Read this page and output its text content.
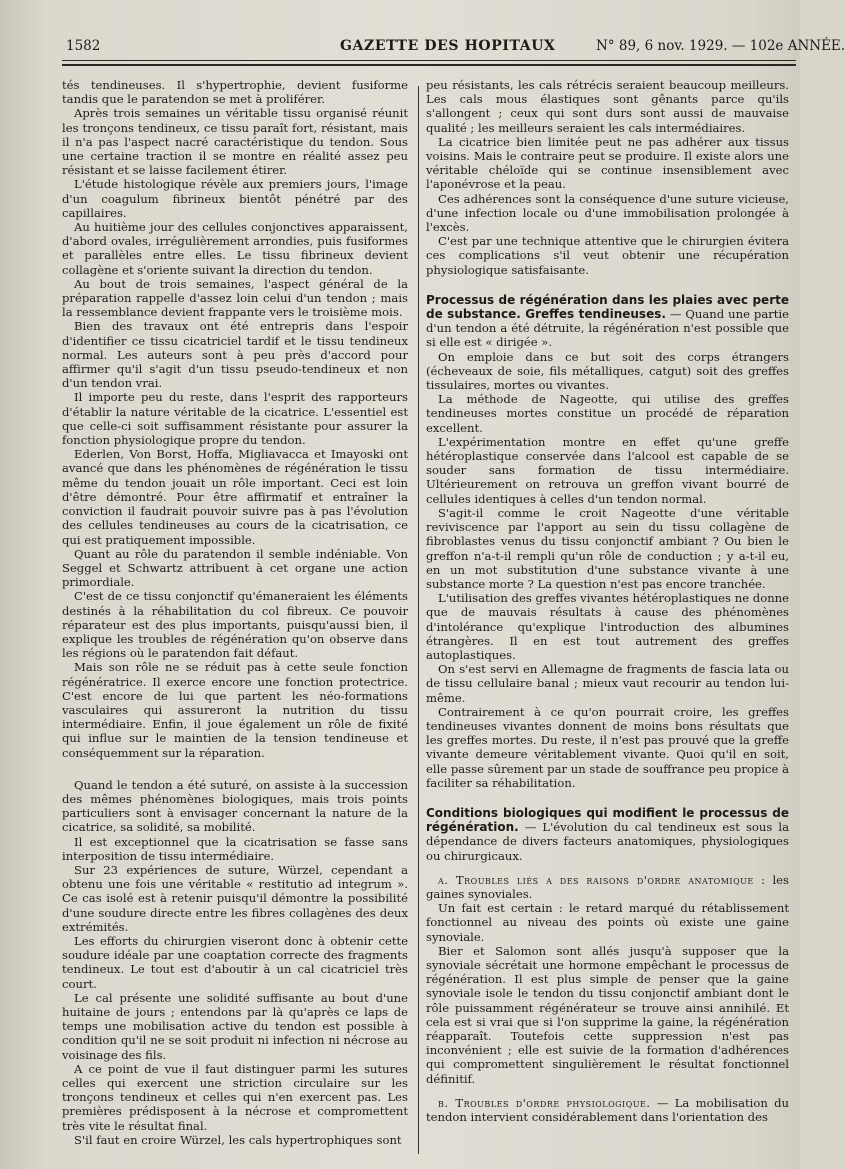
1582	GAZETTE DES HOPITAUX	N° 89, 6 nov. 1929. — 102e ANNÉE.

tés tendineuses. Il s'hypertrophie, devient fusiforme tandis que le paratendon se met à proliférer.

Après trois semaines un véritable tissu organisé réunit les tronçons tendineux, ce tissu paraît fort, résistant, mais il n'a pas l'aspect nacré caractéristique du tendon. Sous une certaine traction il se montre en réalité assez peu résistant et se laisse facilement étirer.

L'étude histologique révèle aux premiers jours, l'image d'un coagulum fibrineux bientôt pénétré par des capillaires.

Au huitième jour des cellules conjonctives apparaissent, d'abord ovales, irrégulièrement arrondies, puis fusiformes et parallèles entre elles. Le tissu fibrineux devient collagène et s'oriente suivant la direction du tendon.

Au bout de trois semaines, l'aspect général de la préparation rappelle d'assez loin celui d'un tendon ; mais la ressemblance devient frappante vers le troisième mois.

Bien des travaux ont été entrepris dans l'espoir d'identifier ce tissu cicatriciel tardif et le tissu tendineux normal. Les auteurs sont à peu près d'accord pour affirmer qu'il s'agit d'un tissu pseudo-tendineux et non d'un tendon vrai.

Il importe peu du reste, dans l'esprit des rapporteurs d'établir la nature véritable de la cicatrice. L'essentiel est que celle-ci soit suffisamment résistante pour assurer la fonction physiologique propre du tendon.

Ederlen, Von Borst, Hoffa, Migliavacca et Imayoski ont avancé que dans les phénomènes de régénération le tissu même du tendon jouait un rôle important. Ceci est loin d'être démontré. Pour être affirmatif et entraîner la conviction il faudrait pouvoir suivre pas à pas l'évolution des cellules tendineuses au cours de la cicatrisation, ce qui est pratiquement impossible.

Quant au rôle du paratendon il semble indéniable. Von Seggel et Schwartz attribuent à cet organe une action primordiale.

C'est de ce tissu conjonctif qu'émaneraient les éléments destinés à la réhabilitation du col fibreux. Ce pouvoir réparateur est des plus importants, puisqu'aussi bien, il explique les troubles de régénération qu'on observe dans les régions où le paratendon fait défaut.

Mais son rôle ne se réduit pas à cette seule fonction régénératrice. Il exerce encore une fonction protectrice. C'est encore de lui que partent les néo-formations vasculaires qui assureront la nutrition du tissu intermédiaire. Enfin, il joue également un rôle de fixité qui influe sur le maintien de la tension tendineuse et conséquemment sur la réparation.

Quand le tendon a été suturé, on assiste à la succession des mêmes phénomènes biologiques, mais trois points particuliers sont à envisager concernant la nature de la cicatrice, sa solidité, sa mobilité.

Il est exceptionnel que la cicatrisation se fasse sans interposition de tissu intermédiaire.

Sur 23 expériences de suture, Würzel, cependant a obtenu une fois une véritable « restitutio ad integrum ». Ce cas isolé est à retenir puisqu'il démontre la possibilité d'une soudure directe entre les fibres collagènes des deux extrémités.

Les efforts du chirurgien viseront donc à obtenir cette soudure idéale par une coaptation correcte des fragments tendineux. Le tout est d'aboutir à un cal cicatriciel très court.

Le cal présente une solidité suffisante au bout d'une huitaine de jours ; entendons par là qu'après ce laps de temps une mobilisation active du tendon est possible à condition qu'il ne se soit produit ni infection ni nécrose au voisinage des fils.

A ce point de vue il faut distinguer parmi les sutures celles qui exercent une striction circulaire sur les tronçons tendineux et celles qui n'en exercent pas. Les premières prédisposent à la nécrose et compromettent très vite le résultat final.

S'il faut en croire Würzel, les cals hypertrophiques sont

peu résistants, les cals rétrécis seraient beaucoup meilleurs. Les cals mous élastiques sont gênants parce qu'ils s'allongent ; ceux qui sont durs sont aussi de mauvaise qualité ; les meilleurs seraient les cals intermédiaires.

La cicatrice bien limitée peut ne pas adhérer aux tissus voisins. Mais le contraire peut se produire. Il existe alors une véritable chéloïde qui se continue insensiblement avec l'aponévrose et la peau.

Ces adhérences sont la conséquence d'une suture vicieuse, d'une infection locale ou d'une immobilisation prolongée à l'excès.

C'est par une technique attentive que le chirurgien évitera ces complications s'il veut obtenir une récupération physiologique satisfaisante.

Processus de régénération dans les plaies avec perte de substance. Greffes tendineuses. — Quand une partie d'un tendon a été détruite, la régénération n'est possible que si elle est « dirigée ».

On emploie dans ce but soit des corps étrangers (écheveaux de soie, fils métalliques, catgut) soit des greffes tissulaires, mortes ou vivantes.

La méthode de Nageotte, qui utilise des greffes tendineuses mortes constitue un procédé de réparation excellent.

L'expérimentation montre en effet qu'une greffe hétéroplastique conservée dans l'alcool est capable de se souder sans formation de tissu intermédiaire. Ultérieurement on retrouva un greffon vivant bourré de cellules identiques à celles d'un tendon normal.

S'agit-il comme le croit Nageotte d'une véritable reviviscence par l'apport au sein du tissu collagène de fibroblastes venus du tissu conjonctif ambiant ? Ou bien le greffon n'a-t-il rempli qu'un rôle de conduction ; y a-t-il eu, en un mot substitution d'une substance vivante à une substance morte ? La question n'est pas encore tranchée.

L'utilisation des greffes vivantes hétéroplastiques ne donne que de mauvais résultats à cause des phénomènes d'intolérance qu'explique l'introduction des albumines étrangères. Il en est tout autrement des greffes autoplastiques.

On s'est servi en Allemagne de fragments de fascia lata ou de tissu cellulaire banal ; mieux vaut recourir au tendon lui-même.

Contrairement à ce qu'on pourrait croire, les greffes tendineuses vivantes donnent de moins bons résultats que les greffes mortes. Du reste, il n'est pas prouvé que la greffe vivante demeure véritablement vivante. Quoi qu'il en soit, elle passe sûrement par un stade de souffrance peu propice à faciliter sa réhabilitation.

Conditions biologiques qui modifient le processus de régénération. — L'évolution du cal tendineux est sous la dépendance de divers facteurs anatomiques, physiologiques ou chirurgicaux.

a. Troubles liés a des raisons d'ordre anatomique : les gaines synoviales.

Un fait est certain : le retard marqué du rétablissement fonctionnel au niveau des points où existe une gaine synoviale.

Bier et Salomon sont allés jusqu'à supposer que la synoviale sécrétait une hormone empêchant le processus de régénération. Il est plus simple de penser que la gaine synoviale isole le tendon du tissu conjonctif ambiant dont le rôle puissamment régénérateur se trouve ainsi annihilé. Et cela est si vrai que si l'on supprime la gaine, la régénération réapparaît. Toutefois cette suppression n'est pas inconvénient ; elle est suivie de la formation d'adhérences qui compromettent singulièrement le résultat fonctionnel définitif.

b. Troubles d'ordre physiologique. — La mobilisation du tendon intervient considérablement dans l'orientation des
